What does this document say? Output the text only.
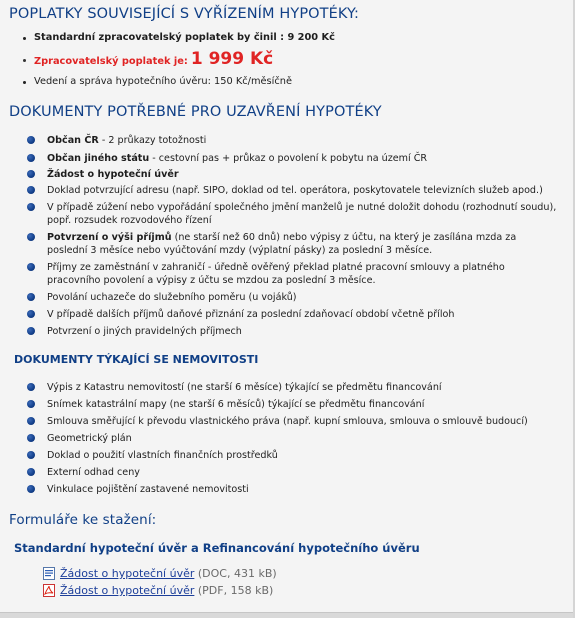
POPLATKY SOUVISEJÍCÍ S VYŘÍZENÍM HYPOTÉKY:
Standardní zpracovatelský poplatek by činil : 9 200 Kč
Zpracovatelský poplatek je: 1 999 Kč
Vedení a správa hypotečního úvěru: 150 Kč/měsíčně
DOKUMENTY POTŘEBNÉ PRO UZAVŘENÍ HYPOTÉKY
Občan ČR - 2 průkazy totožnosti
Občan jiného státu - cestovní pas + průkaz o povolení k pobytu na území ČR
Žádost o hypoteční úvěr
Doklad potvrzující adresu (např. SIPO, doklad od tel. operátora, poskytovatele televizních služeb apod.)
V případě zúžení nebo vypořádání společného jmění manželů je nutné doložit dohodu (rozhodnutí soudu), popř. rozsudek rozvodového řízení
Potvrzení o výši příjmů (ne starší než 60 dnů) nebo výpisy z účtu, na který je zasílána mzda za poslední 3 měsíce nebo vyúčtování mzdy (výplatní pásky) za poslední 3 měsíce.
Příjmy ze zaměstnání v zahraničí - úředně ověřený překlad platné pracovní smlouvy a platného pracovního povolení a výpisy z účtu se mzdou za poslední 3 měsíce.
Povolání uchazeče do služebního poměru (u vojáků)
V případě dalších příjmů daňové přiznání za poslední zdaňovací období včetně příloh
Potvrzení o jiných pravidelných příjmech
DOKUMENTY TÝKAJÍCÍ SE NEMOVITOSTI
Výpis z Katastru nemovitostí (ne starší 6 měsíce) týkající se předmětu financování
Snímek katastrální mapy (ne starší 6 měsíců) týkající se předmětu financování
Smlouva směřující k převodu vlastnického práva (např. kupní smlouva, smlouva o smlouvě budoucí)
Geometrický plán
Doklad o použití vlastních finančních prostředků
Externí odhad ceny
Vinkulace pojištění zastavené nemovitosti
Formuláře ke stažení:
Standardní hypoteční úvěr a Refinancování hypotečního úvěru
Žádost o hypoteční úvěr (DOC, 431 kB)
Žádost o hypoteční úvěr (PDF, 158 kB)
